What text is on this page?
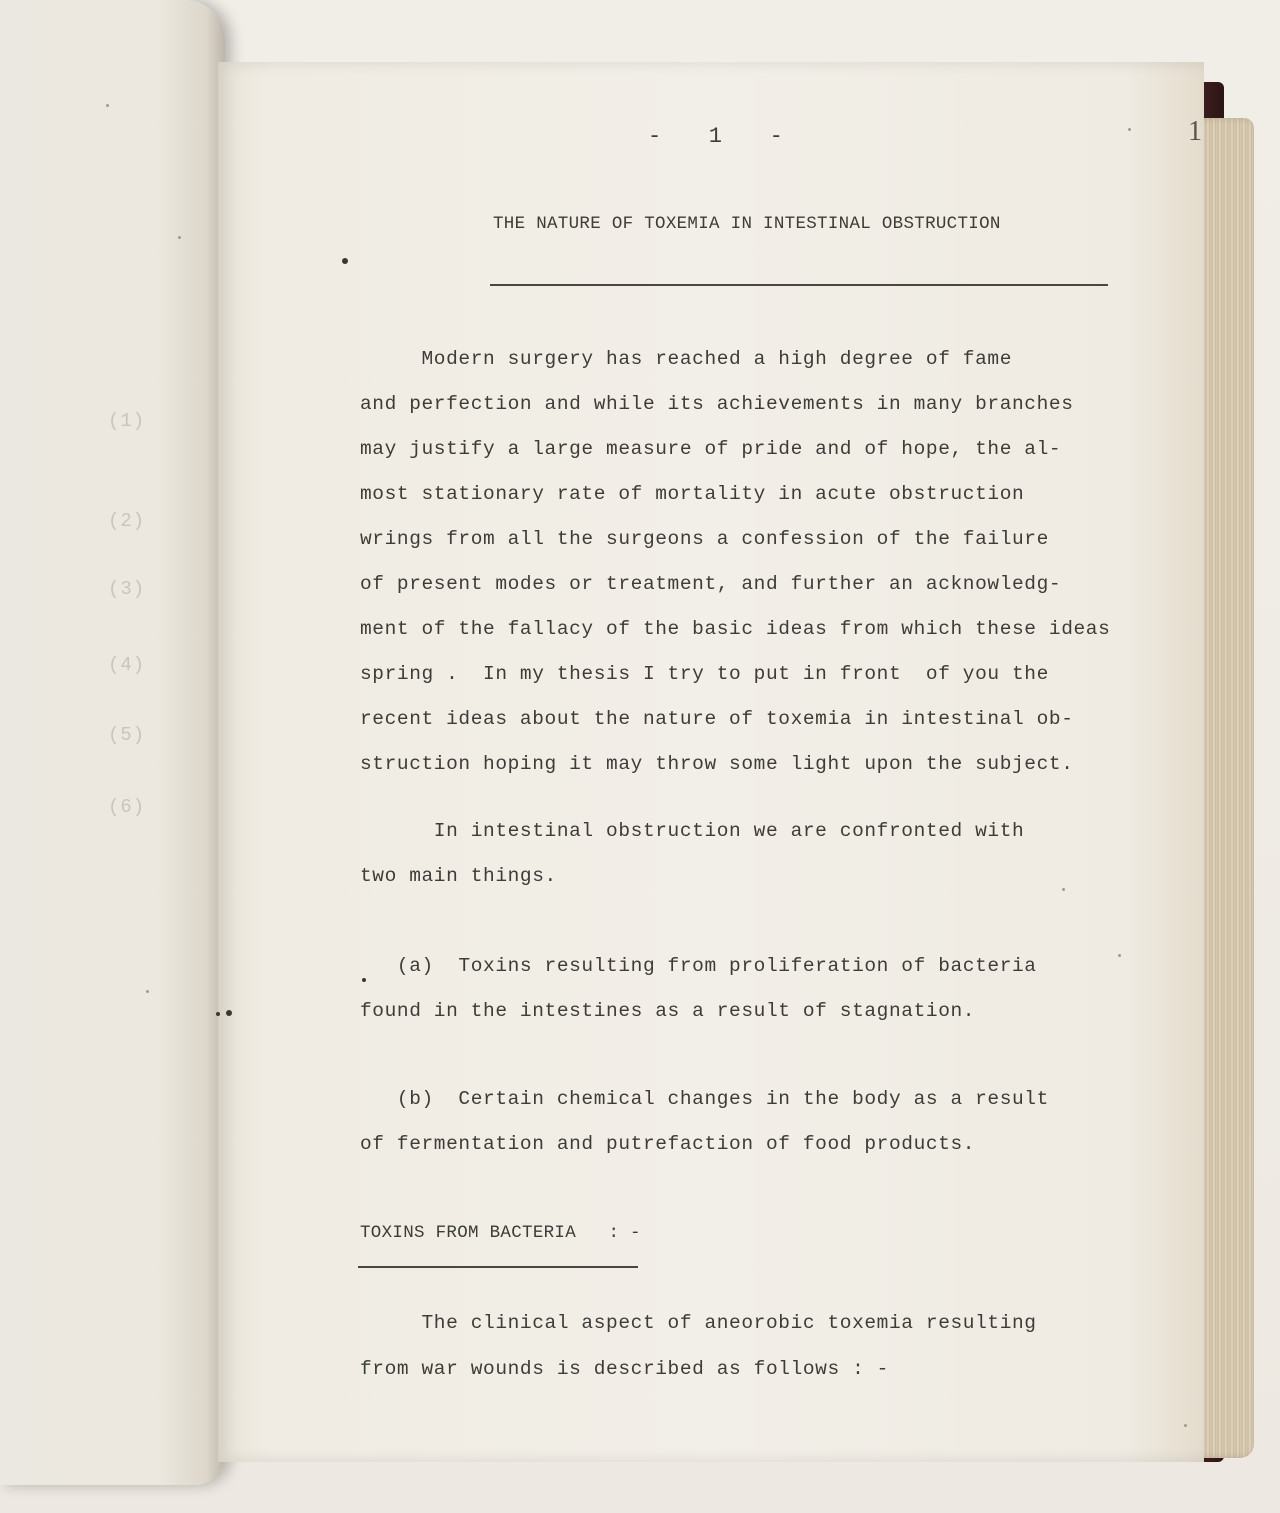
(1)
(2)
(3)
(4)
(5)
(6)
-   1   -	1
THE NATURE OF TOXEMIA IN INTESTINAL OBSTRUCTION
Modern surgery has reached a high degree of fame
and perfection and while its achievements in many branches
may justify a large measure of pride and of hope, the al-
most stationary rate of mortality in acute obstruction
wrings from all the surgeons a confession of the failure
of present modes or treatment, and further an acknowledg-
ment of the fallacy of the basic ideas from which these ideas
spring .  In my thesis I try to put in front  of you the
recent ideas about the nature of toxemia in intestinal ob-
struction hoping it may throw some light upon the subject.
In intestinal obstruction we are confronted with
two main things.
(a)  Toxins resulting from proliferation of bacteria
found in the intestines as a result of stagnation.
(b)  Certain chemical changes in the body as a result
of fermentation and putrefaction of food products.
TOXINS FROM BACTERIA   : -
The clinical aspect of aneorobic toxemia resulting
from war wounds is described as follows : -
